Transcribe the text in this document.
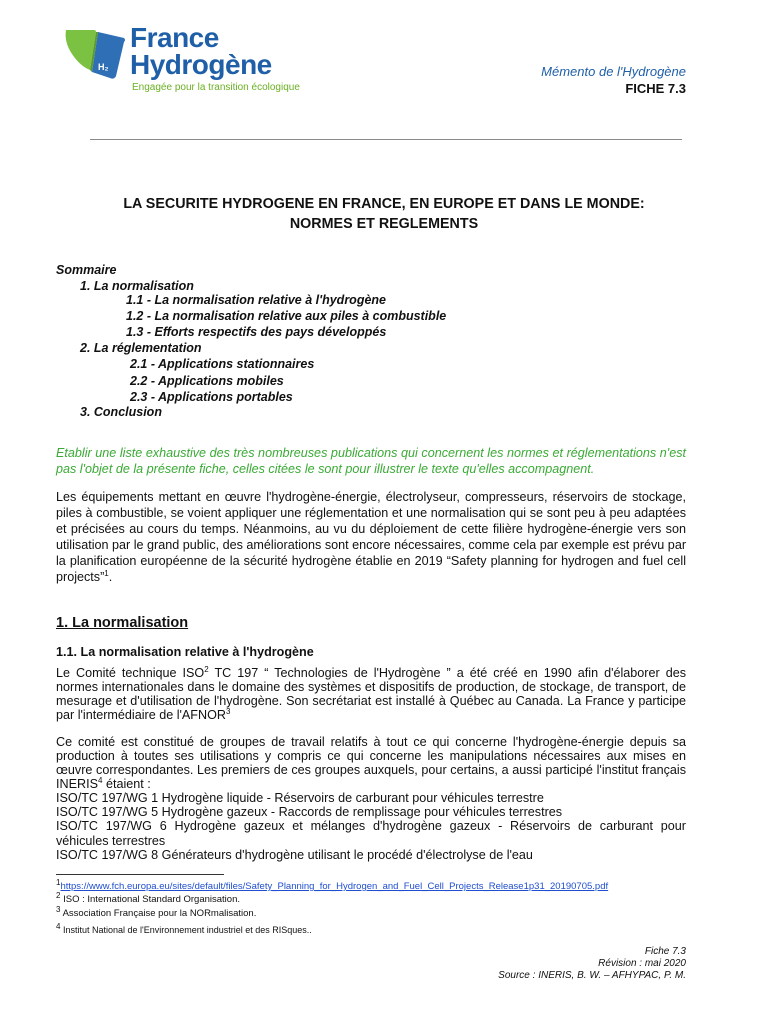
H₂
France
Hydrogène
Engagée pour la transition écologique
Mémento de l'Hydrogène
FICHE 7.3
LA SECURITE HYDROGENE EN FRANCE, EN EUROPE ET DANS LE MONDE:
NORMES ET REGLEMENTS
Sommaire
1. La normalisation
1.1 - La normalisation relative à l'hydrogène
1.2 - La normalisation relative aux piles à combustible
1.3 - Efforts respectifs des pays développés
2. La réglementation
2.1 - Applications stationnaires
2.2 - Applications mobiles
2.3 - Applications portables
3. Conclusion
Etablir une liste exhaustive des très nombreuses publications qui concernent les normes et réglementations n'est pas l'objet de la présente fiche, celles citées le sont pour illustrer le texte qu'elles accompagnent.
Les équipements mettant en œuvre l'hydrogène-énergie, électrolyseur, compresseurs, réservoirs de stockage, piles à combustible, se voient appliquer une réglementation et une normalisation qui se sont peu à peu adaptées et précisées au cours du temps. Néanmoins, au vu du déploiement de cette filière hydrogène-énergie vers son utilisation par le grand public, des améliorations sont encore nécessaires, comme cela par exemple est prévu par la planification européenne de la sécurité hydrogène établie en 2019 “Safety planning for hydrogen and fuel cell projects”$^1$.
1. La normalisation
1.1. La normalisation relative à l'hydrogène
Le Comité technique ISO$^2$ TC 197 “ Technologies de l'Hydrogène ” a été créé en 1990 afin d'élaborer des normes internationales dans le domaine des systèmes et dispositifs de production, de stockage, de transport, de mesurage et d'utilisation de l'hydrogène. Son secrétariat est installé à Québec au Canada. La France y participe par l'intermédiaire de l'AFNOR$^3$
Ce comité est constitué de groupes de travail relatifs à tout ce qui concerne l'hydrogène-énergie depuis sa production à toutes ses utilisations y compris ce qui concerne les manipulations nécessaires aux mises en œuvre correspondantes. Les premiers de ces groupes auxquels, pour certains, a aussi participé l'institut français INERIS$^4$ étaient :
ISO/TC 197/WG 1 Hydrogène liquide - Réservoirs de carburant pour véhicules terrestre
ISO/TC 197/WG 5 Hydrogène gazeux - Raccords de remplissage pour véhicules terrestres
ISO/TC 197/WG 6 Hydrogène gazeux et mélanges d'hydrogène gazeux - Réservoirs de carburant pour véhicules terrestres
ISO/TC 197/WG 8 Générateurs d'hydrogène utilisant le procédé d'électrolyse de l'eau
$^1$https://www.fch.europa.eu/sites/default/files/Safety_Planning_for_Hydrogen_and_Fuel_Cell_Projects_Release1p31_20190705.pdf
$^2$ ISO : International Standard Organisation.
$^3$ Association Française pour la NORmalisation.
$^4$ Institut National de l'Environnement industriel et des RISques..
Fiche 7.3
Révision : mai 2020
Source : INERIS, B. W. – AFHYPAC, P. M.
